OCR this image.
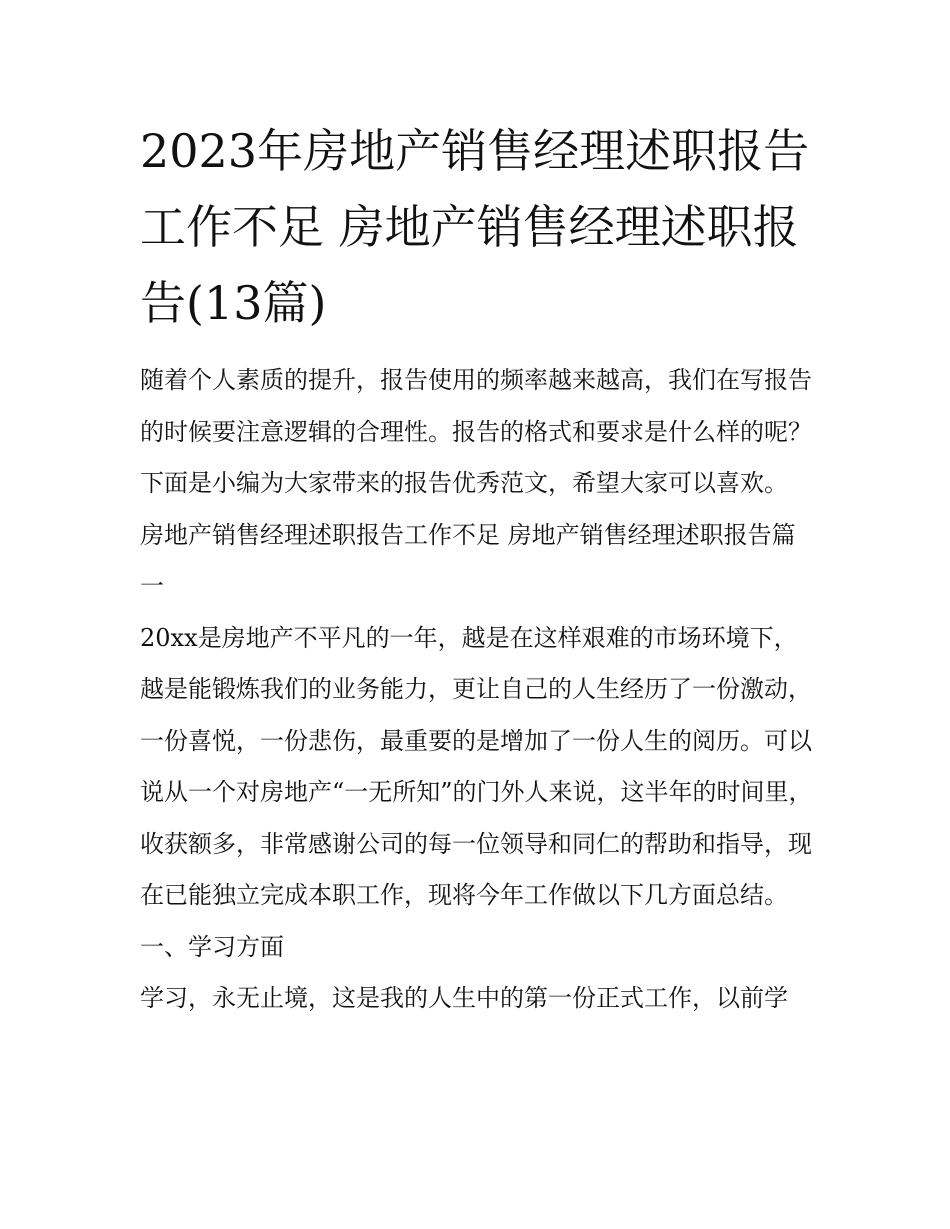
2023年房地产销售经理述职报告工作不足 房地产销售经理述职报告(13篇)

随着个人素质的提升，报告使用的频率越来越高，我们在写报告的时候要注意逻辑的合理性。报告的格式和要求是什么样的呢？下面是小编为大家带来的报告优秀范文，希望大家可以喜欢。

房地产销售经理述职报告工作不足 房地产销售经理述职报告篇一

20xx是房地产不平凡的一年，越是在这样艰难的市场环境下，越是能锻炼我们的业务能力，更让自己的人生经历了一份激动，一份喜悦，一份悲伤，最重要的是增加了一份人生的阅历。可以说从一个对房地产“一无所知”的门外人来说，这半年的时间里，收获额多，非常感谢公司的每一位领导和同仁的帮助和指导，现在已能独立完成本职工作，现将今年工作做以下几方面总结。

一、学习方面

学习，永无止境，这是我的人生中的第一份正式工作，以前学
